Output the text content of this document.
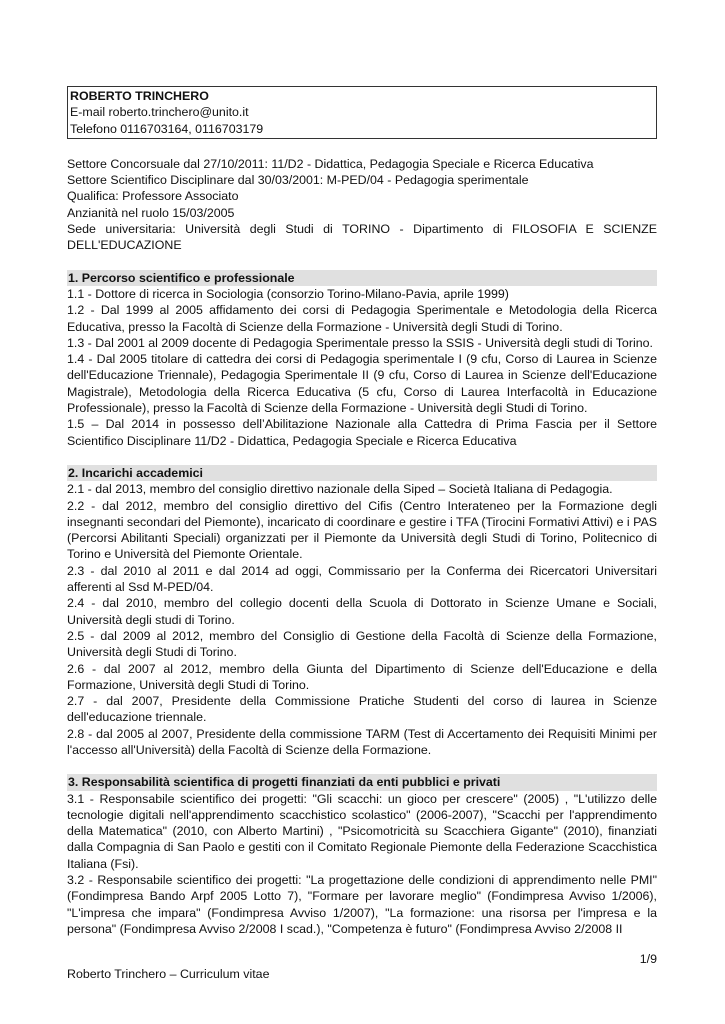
ROBERTO TRINCHERO
E-mail roberto.trinchero@unito.it
Telefono 0116703164, 0116703179
Settore Concorsuale dal 27/10/2011: 11/D2 - Didattica, Pedagogia Speciale e Ricerca Educativa
Settore Scientifico Disciplinare dal 30/03/2001: M-PED/04 - Pedagogia sperimentale
Qualifica: Professore Associato
Anzianità nel ruolo 15/03/2005
Sede universitaria: Università degli Studi di TORINO - Dipartimento di FILOSOFIA E SCIENZE DELL'EDUCAZIONE
1. Percorso scientifico e professionale
1.1 - Dottore di ricerca in Sociologia (consorzio Torino-Milano-Pavia, aprile 1999)
1.2 - Dal 1999 al 2005 affidamento dei corsi di Pedagogia Sperimentale e Metodologia della Ricerca Educativa, presso la Facoltà di Scienze della Formazione - Università degli Studi di Torino.
1.3 - Dal 2001 al 2009 docente di Pedagogia Sperimentale presso la SSIS - Università degli studi di Torino.
1.4 - Dal 2005 titolare di cattedra dei corsi di Pedagogia sperimentale I (9 cfu, Corso di Laurea in Scienze dell'Educazione Triennale), Pedagogia Sperimentale II (9 cfu, Corso di Laurea in Scienze dell'Educazione Magistrale), Metodologia della Ricerca Educativa (5 cfu, Corso di Laurea Interfacoltà in Educazione Professionale), presso la Facoltà di Scienze della Formazione - Università degli Studi di Torino.
1.5 – Dal 2014 in possesso dell’Abilitazione Nazionale alla Cattedra di Prima Fascia per il Settore Scientifico Disciplinare 11/D2 - Didattica, Pedagogia Speciale e Ricerca Educativa
2. Incarichi accademici
2.1 - dal 2013, membro del consiglio direttivo nazionale della Siped – Società Italiana di Pedagogia.
2.2 - dal 2012, membro del consiglio direttivo del Cifis (Centro Interateneo per la Formazione degli insegnanti secondari del Piemonte), incaricato di coordinare e gestire i TFA (Tirocini Formativi Attivi) e i PAS (Percorsi Abilitanti Speciali) organizzati per il Piemonte da Università degli Studi di Torino, Politecnico di Torino e Università del Piemonte Orientale.
2.3 - dal 2010 al 2011 e dal 2014 ad oggi, Commissario per la Conferma dei Ricercatori Universitari afferenti al Ssd M-PED/04.
2.4 - dal 2010, membro del collegio docenti della Scuola di Dottorato in Scienze Umane e Sociali, Università degli studi di Torino.
2.5 - dal 2009 al 2012, membro del Consiglio di Gestione della Facoltà di Scienze della Formazione, Università degli Studi di Torino.
2.6 - dal 2007 al 2012, membro della Giunta del Dipartimento di Scienze dell'Educazione e della Formazione, Università degli Studi di Torino.
2.7 - dal 2007, Presidente della Commissione Pratiche Studenti del corso di laurea in Scienze dell'educazione triennale.
2.8 - dal 2005 al 2007, Presidente della commissione TARM (Test di Accertamento dei Requisiti Minimi per l'accesso all'Università) della Facoltà di Scienze della Formazione.
3. Responsabilità scientifica di progetti finanziati da enti pubblici e privati
3.1 - Responsabile scientifico dei progetti: "Gli scacchi: un gioco per crescere" (2005) , "L'utilizzo delle tecnologie digitali nell'apprendimento scacchistico scolastico" (2006-2007), "Scacchi per l'apprendimento della Matematica" (2010, con Alberto Martini) , "Psicomotricità su Scacchiera Gigante" (2010), finanziati dalla Compagnia di San Paolo e gestiti con il Comitato Regionale Piemonte della Federazione Scacchistica Italiana (Fsi).
3.2 - Responsabile scientifico dei progetti: "La progettazione delle condizioni di apprendimento nelle PMI" (Fondimpresa Bando Arpf 2005 Lotto 7), "Formare per lavorare meglio" (Fondimpresa Avviso 1/2006), "L'impresa che impara" (Fondimpresa Avviso 1/2007), "La formazione: una risorsa per l'impresa e la persona" (Fondimpresa Avviso 2/2008 I scad.), "Competenza è futuro" (Fondimpresa Avviso 2/2008 II
1/9
Roberto Trinchero – Curriculum vitae
